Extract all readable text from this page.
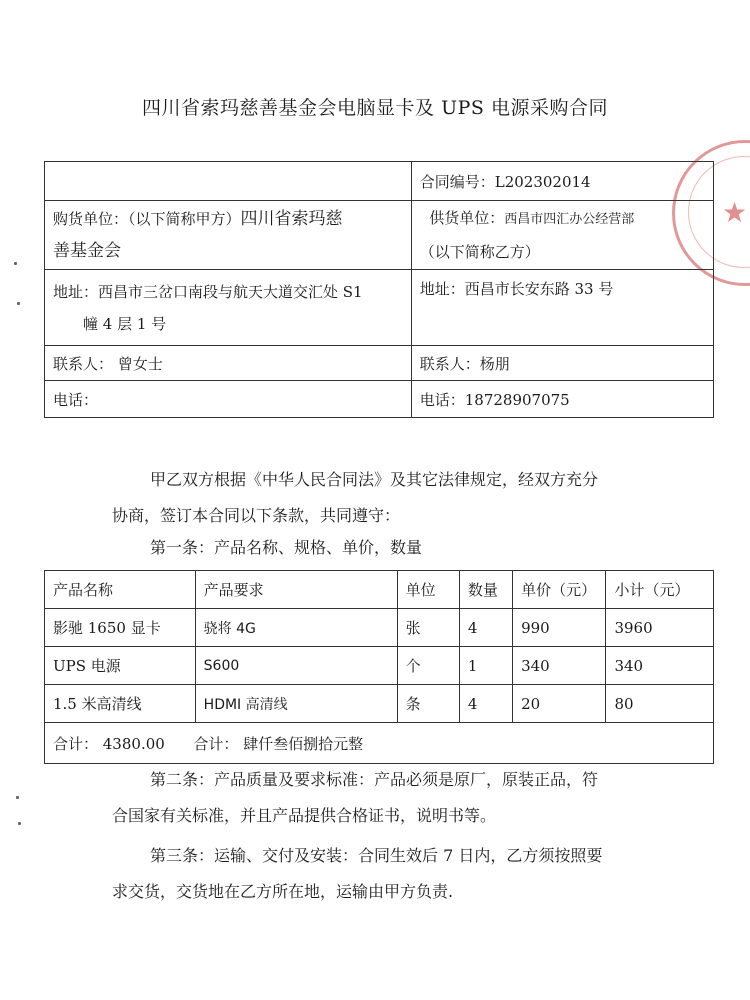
★
四川省索玛慈善基金会电脑显卡及 UPS 电源采购合同
	合同编号：L202302014
购货单位：（以下简称甲方）四川省索玛慈
善基金会	供货单位：西昌市四汇办公经营部
（以下简称乙方）
地址：西昌市三岔口南段与航天大道交汇处 S1
幢 4 层 1 号	地址：西昌市长安东路 33 号
联系人： 曾女士	联系人：杨朋
电话：	电话：18728907075
甲乙双方根据《中华人民合同法》及其它法律规定，经双方充分
协商，签订本合同以下条款，共同遵守：
第一条：产品名称、规格、单价，数量
产品名称	产品要求	单位	数量	单价（元）	小计（元）
影驰 1650 显卡	骁将 4G	张	4	990	3960
UPS 电源	S600	个	1	340	340
1.5 米高清线	HDMI 高清线	条	4	20	80
合计： 4380.00      合计： 肆仟叁佰捌拾元整					
第二条：产品质量及要求标准：产品必须是原厂，原装正品，符
合国家有关标准，并且产品提供合格证书，说明书等。
第三条：运输、交付及安装：合同生效后 7 日内，乙方须按照要
求交货，交货地在乙方所在地，运输由甲方负责.
